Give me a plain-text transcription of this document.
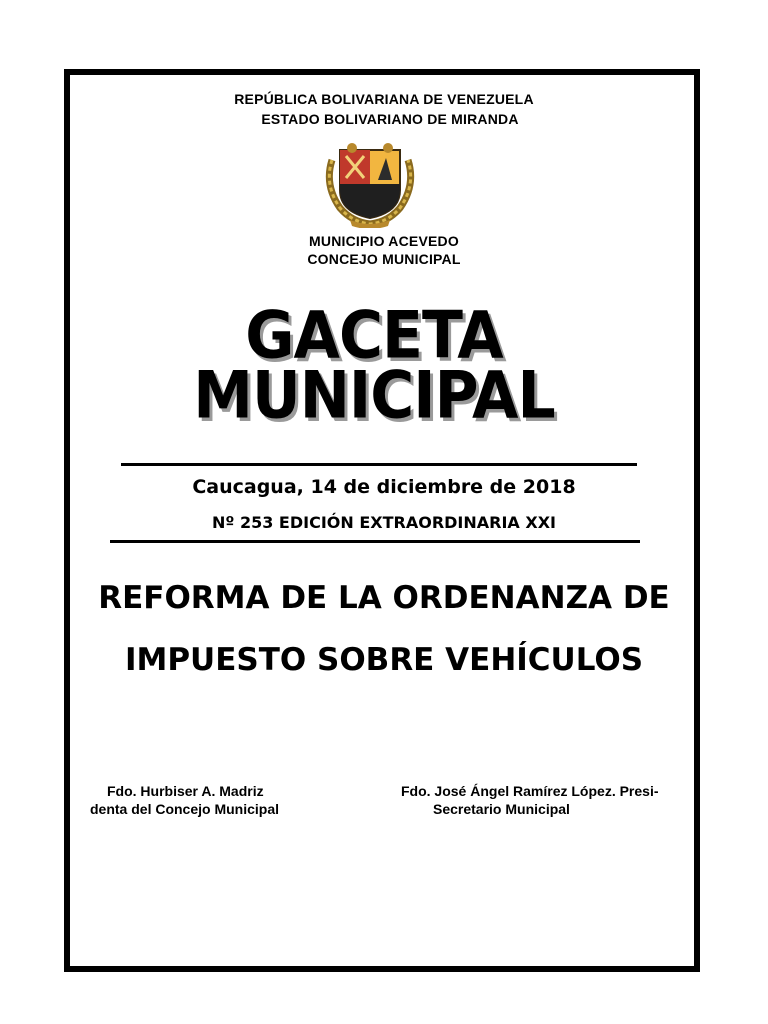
REPÚBLICA BOLIVARIANA DE VENEZUELA
ESTADO BOLIVARIANO DE MIRANDA
MUNICIPIO ACEVEDO
CONCEJO MUNICIPAL
GACETA
MUNICIPAL
Caucagua, 14 de diciembre de 2018
Nº 253 EDICIÓN EXTRAORDINARIA XXI
REFORMA DE LA ORDENANZA DE
IMPUESTO SOBRE VEHÍCULOS
Fdo. Hurbiser A. Madriz
denta del Concejo Municipal
Fdo. José Ángel Ramírez López. Presi-
Secretario Municipal
